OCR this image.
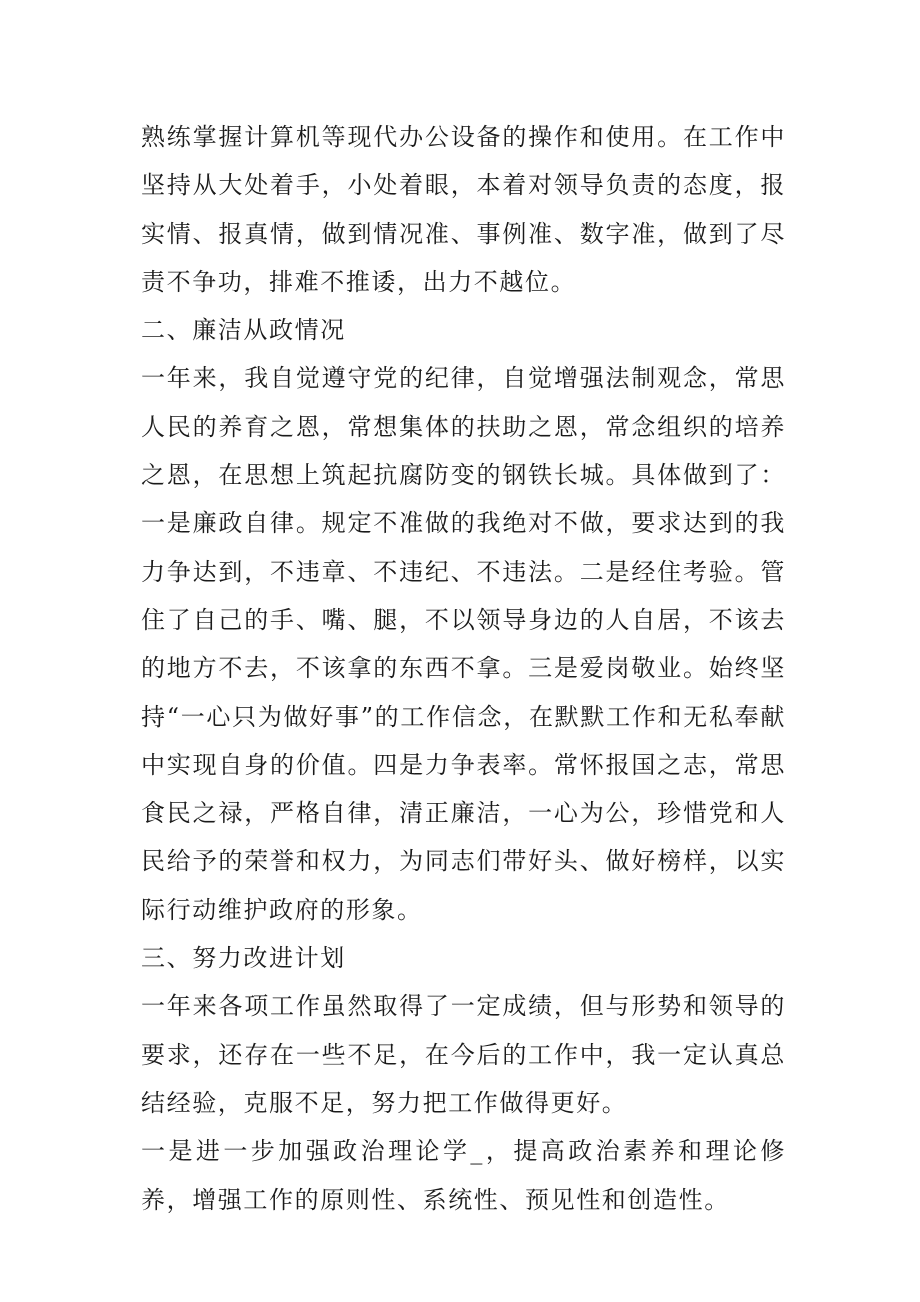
熟练掌握计算机等现代办公设备的操作和使用。在工作中坚持从大处着手，小处着眼，本着对领导负责的态度，报实情、报真情，做到情况准、事例准、数字准，做到了尽责不争功，排难不推诿，出力不越位。

二、廉洁从政情况

一年来，我自觉遵守党的纪律，自觉增强法制观念，常思人民的养育之恩，常想集体的扶助之恩，常念组织的培养之恩，在思想上筑起抗腐防变的钢铁长城。具体做到了：一是廉政自律。规定不准做的我绝对不做，要求达到的我力争达到，不违章、不违纪、不违法。二是经住考验。管住了自己的手、嘴、腿，不以领导身边的人自居，不该去的地方不去，不该拿的东西不拿。三是爱岗敬业。始终坚持“一心只为做好事”的工作信念，在默默工作和无私奉献中实现自身的价值。四是力争表率。常怀报国之志，常思食民之禄，严格自律，清正廉洁，一心为公，珍惜党和人民给予的荣誉和权力，为同志们带好头、做好榜样，以实际行动维护政府的形象。

三、努力改进计划

一年来各项工作虽然取得了一定成绩，但与形势和领导的要求，还存在一些不足，在今后的工作中，我一定认真总结经验，克服不足，努力把工作做得更好。

一是进一步加强政治理论学_，提高政治素养和理论修养，增强工作的原则性、系统性、预见性和创造性。
